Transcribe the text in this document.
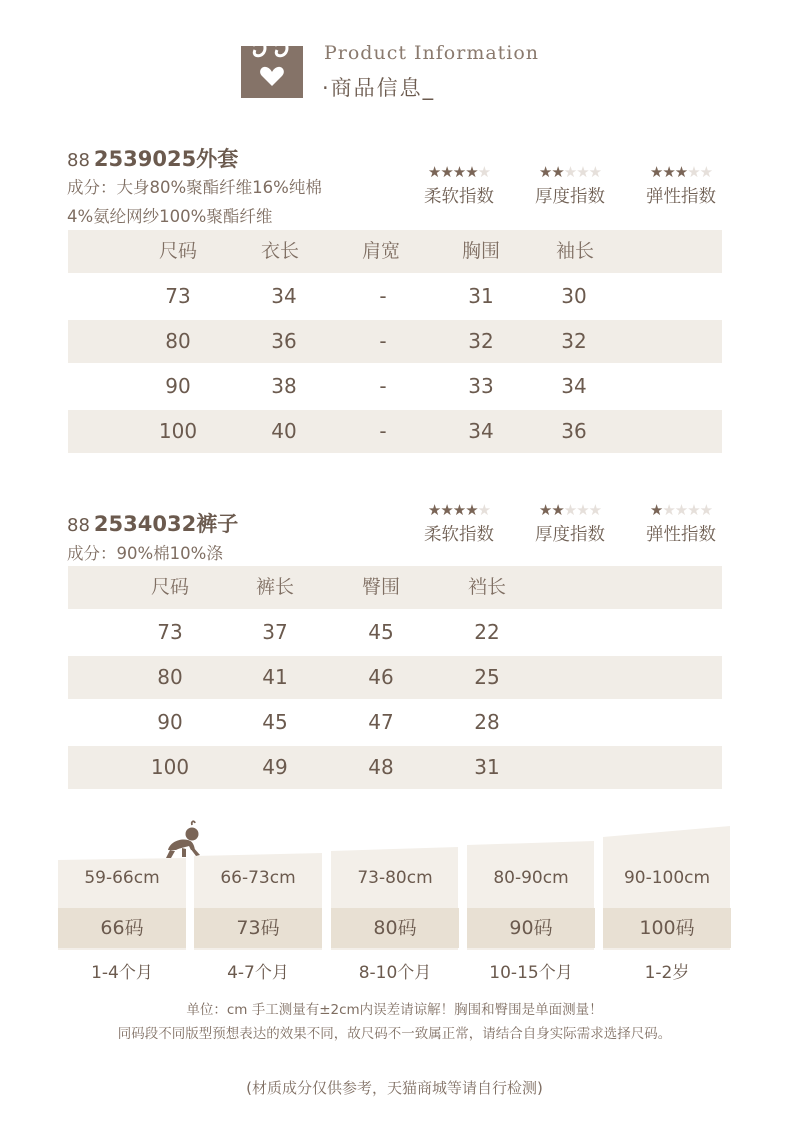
Product Information
·商品信息_
88 2539025外套
成分：大身80%聚酯纤维16%纯棉
4%氨纶网纱100%聚酯纤维
★★★★★
柔软指数
★★★★★
厚度指数
★★★★★
弹性指数
尺码	衣长	肩宽	胸围	袖长
73	34	-	31	30
80	36	-	32	32
90	38	-	33	34
100	40	-	34	36
88 2534032裤子
成分：90%棉10%涤
★★★★★
柔软指数
★★★★★
厚度指数
★★★★★
弹性指数
尺码	裤长	臀围	裆长
73	37	45	22
80	41	46	25
90	45	47	28
100	49	48	31
59-66cm
66码
66-73cm
73码
73-80cm
80码
80-90cm
90码
90-100cm
100码
1-4个月	4-7个月	8-10个月	10-15个月	1-2岁
单位：cm 手工测量有±2cm内误差请谅解！胸围和臀围是单面测量！
同码段不同版型预想表达的效果不同，故尺码不一致属正常，请结合自身实际需求选择尺码。
(材质成分仅供参考，天猫商城等请自行检测)
